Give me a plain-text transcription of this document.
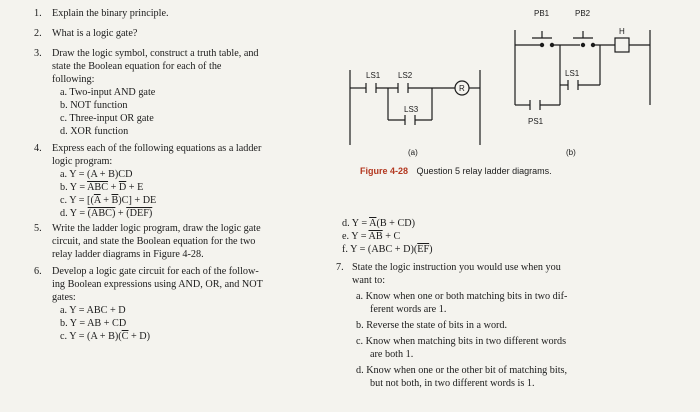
1. Explain the binary principle.
2. What is a logic gate?
3. Draw the logic symbol, construct a truth table, and
state the Boolean equation for each of the
following:
a. Two-input AND gate
b. NOT function
c. Three-input OR gate
d. XOR function
4. Express each of the following equations as a ladder
logic program:
a. Y = (A + B)CD
b. $Y = \overline{ABC} + \overline{D} + E$
c. $Y = [(\overline{A} + \overline{B})C]$ + DE
d. Y = (ABC) + (DEF)
5. Write the ladder logic program, draw the logic gate
circuit, and state the Boolean equation for the two
relay ladder diagrams in Figure 4-28.
6. Develop a logic gate circuit for each of the follow-
ing Boolean expressions using AND, OR, and NOT
gates:
a. Y = ABC + D
b. Y = AB + CD
c. $Y = (A + B)(\overline{C} + D)$
LS1 LS2
LS3
R
(a)
PB1	PB2
LS1
PS1
H
(b)
Figure 4-28 Question 5 relay ladder diagrams.
d. $Y = \overline{A}(B + CD)$
e. $Y = \overline{AB} + C$
f. $Y = (ABC + D)(\overline{EF})$
7. State the logic instruction you would use when you
want to:
a. Know when one or both matching bits in two dif-
ferent words are 1.
b. Reverse the state of bits in a word.
c. Know when matching bits in two different words
are both 1.
d. Know when one or the other bit of matching bits,
but not both, in two different words is 1.
